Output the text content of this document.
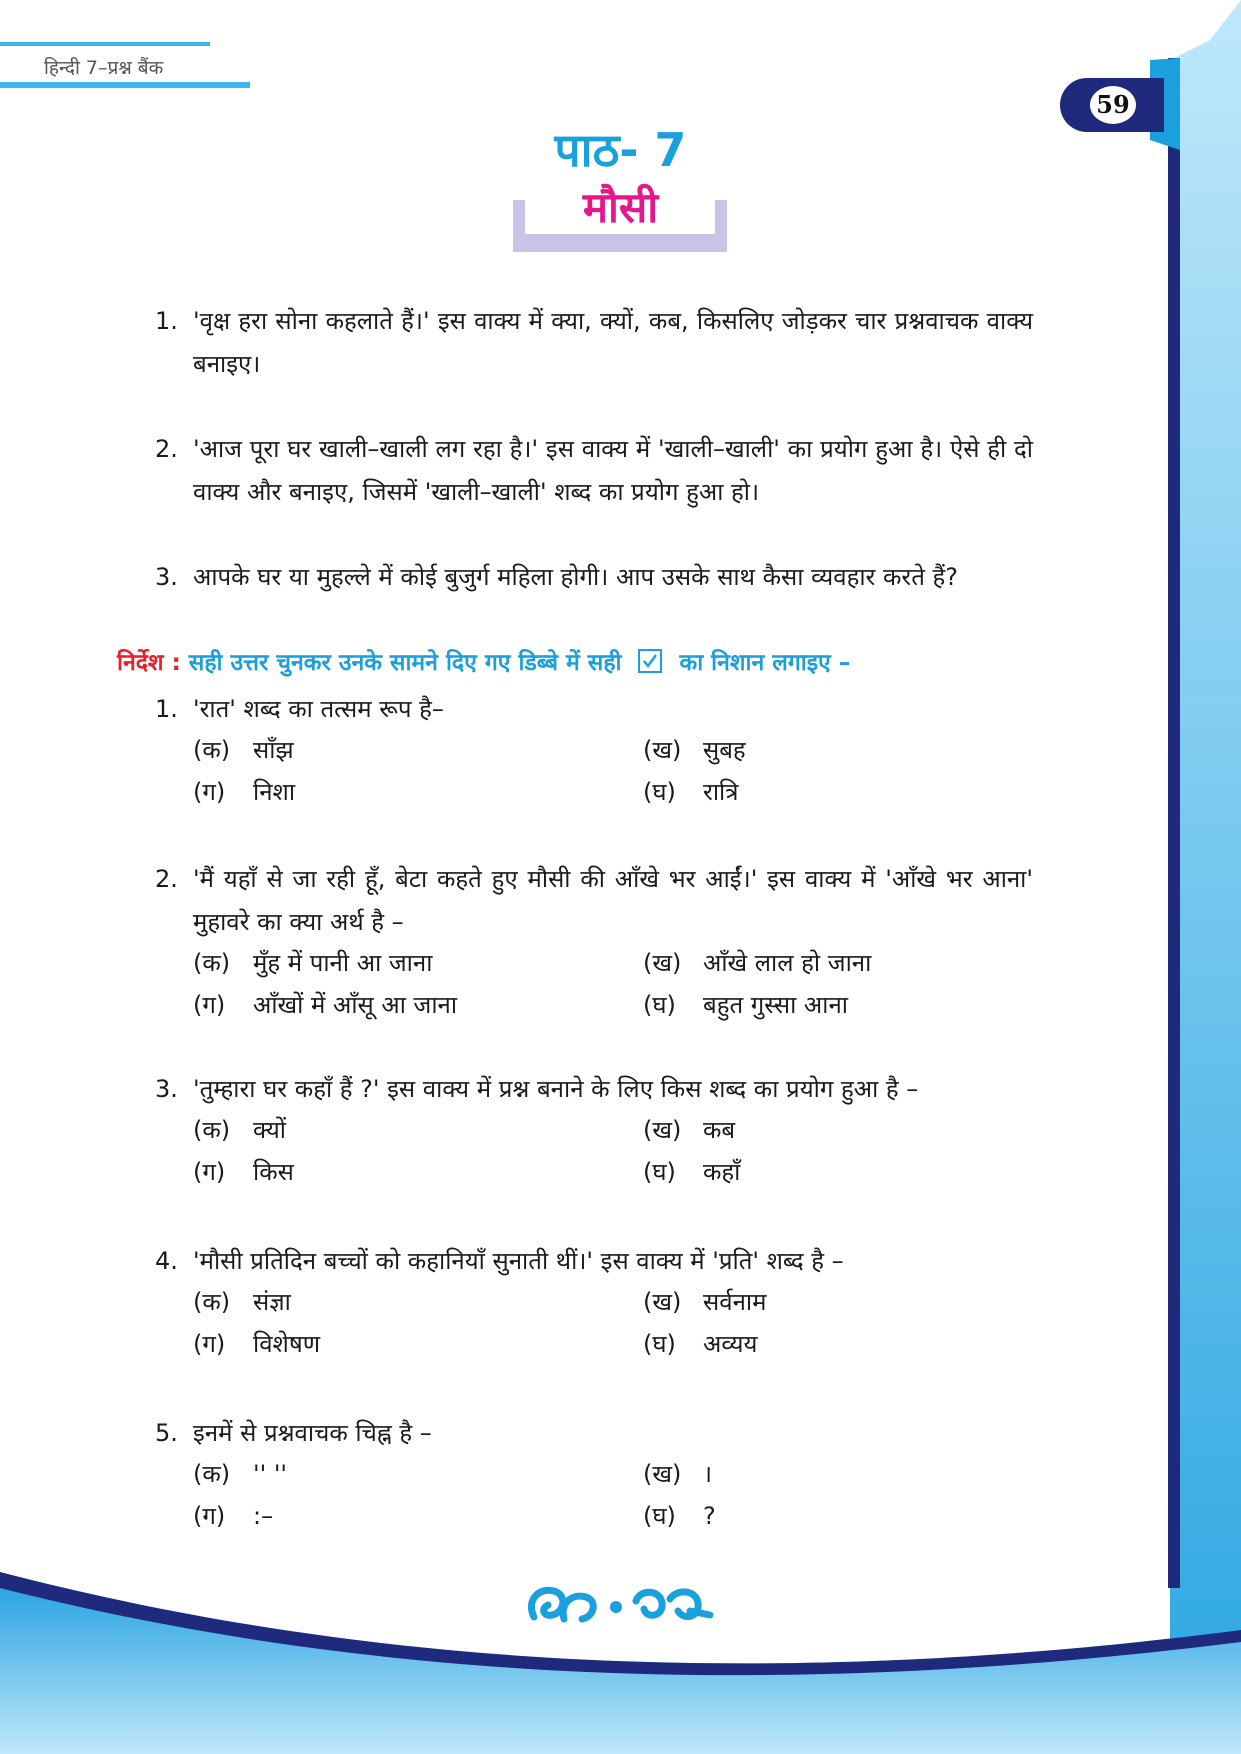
हिन्दी 7–प्रश्न बैंक
59
पाठ- 7
मौसी
1. 'वृक्ष हरा सोना कहलाते हैं।' इस वाक्य में क्या, क्यों, कब, किसलिए जोड़कर चार प्रश्नवाचक वाक्य बनाइए।
2. 'आज पूरा घर खाली–खाली लग रहा है।' इस वाक्य में 'खाली–खाली' का प्रयोग हुआ है। ऐसे ही दो वाक्य और बनाइए, जिसमें 'खाली–खाली' शब्द का प्रयोग हुआ हो।
3. आपके घर या मुहल्ले में कोई बुजुर्ग महिला होगी। आप उसके साथ कैसा व्यवहार करते हैं?
निर्देश : सही उत्तर चुनकर उनके सामने दिए गए डिब्बे में सही	का निशान लगाइए –
1. 'रात' शब्द का तत्सम रूप है–
(क) साँझ	(ख) सुबह
(ग) निशा	(घ) रात्रि
2. 'मैं यहाँ से जा रही हूँ, बेटा कहते हुए मौसी की आँखे भर आईं।' इस वाक्य में 'आँखे भर आना' मुहावरे का क्या अर्थ है –
(क) मुँह में पानी आ जाना	(ख) आँखे लाल हो जाना
(ग) आँखों में आँसू आ जाना	(घ) बहुत गुस्सा आना
3. 'तुम्हारा घर कहाँ हैं ?' इस वाक्य में प्रश्न बनाने के लिए किस शब्द का प्रयोग हुआ है –
(क) क्यों	(ख) कब
(ग) किस	(घ) कहाँ
4. 'मौसी प्रतिदिन बच्चों को कहानियाँ सुनाती थीं।' इस वाक्य में 'प्रति' शब्द है –
(क) संज्ञा	(ख) सर्वनाम
(ग) विशेषण	(घ) अव्यय
5. इनमें से प्रश्नवाचक चिह्न है –
(क) '' ''	(ख) ।
(ग) :–	(घ) ?
